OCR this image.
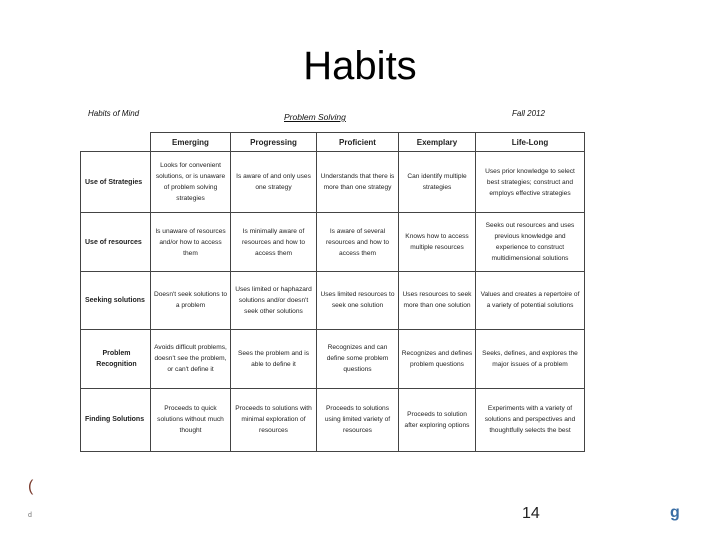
Habits
Habits of Mind	Problem Solving	Fall 2012
	Emerging	Progressing	Proficient	Exemplary	Life-Long
Use of Strategies	Looks for convenient solutions, or is unaware of problem solving strategies	Is aware of and only uses one strategy	Understands that there is more than one strategy	Can identify multiple strategies	Uses prior knowledge to select best strategies; construct and employs effective strategies
Use of resources	Is unaware of resources and/or how to access them	Is minimally aware of resources and how to access them	Is aware of several resources and how to access them	Knows how to access multiple resources	Seeks out resources and uses previous knowledge and experience to construct multidimensional solutions
Seeking solutions	Doesn't seek solutions to a problem	Uses limited or haphazard solutions and/or doesn't seek other solutions	Uses limited resources to seek one solution	Uses resources to seek more than one solution	Values and creates a repertoire of a variety of potential solutions
Problem Recognition	Avoids difficult problems, doesn't see the problem, or can't define it	Sees the problem and is able to define it	Recognizes and can define some problem questions	Recognizes and defines problem questions	Seeks, defines, and explores the major issues of a problem
Finding Solutions	Proceeds to quick solutions without much thought	Proceeds to solutions with minimal exploration of resources	Proceeds to solutions using limited variety of resources	Proceeds to solution after exploring options	Experiments with a variety of solutions and perspectives and thoughtfully selects the best
(
d	14	g
